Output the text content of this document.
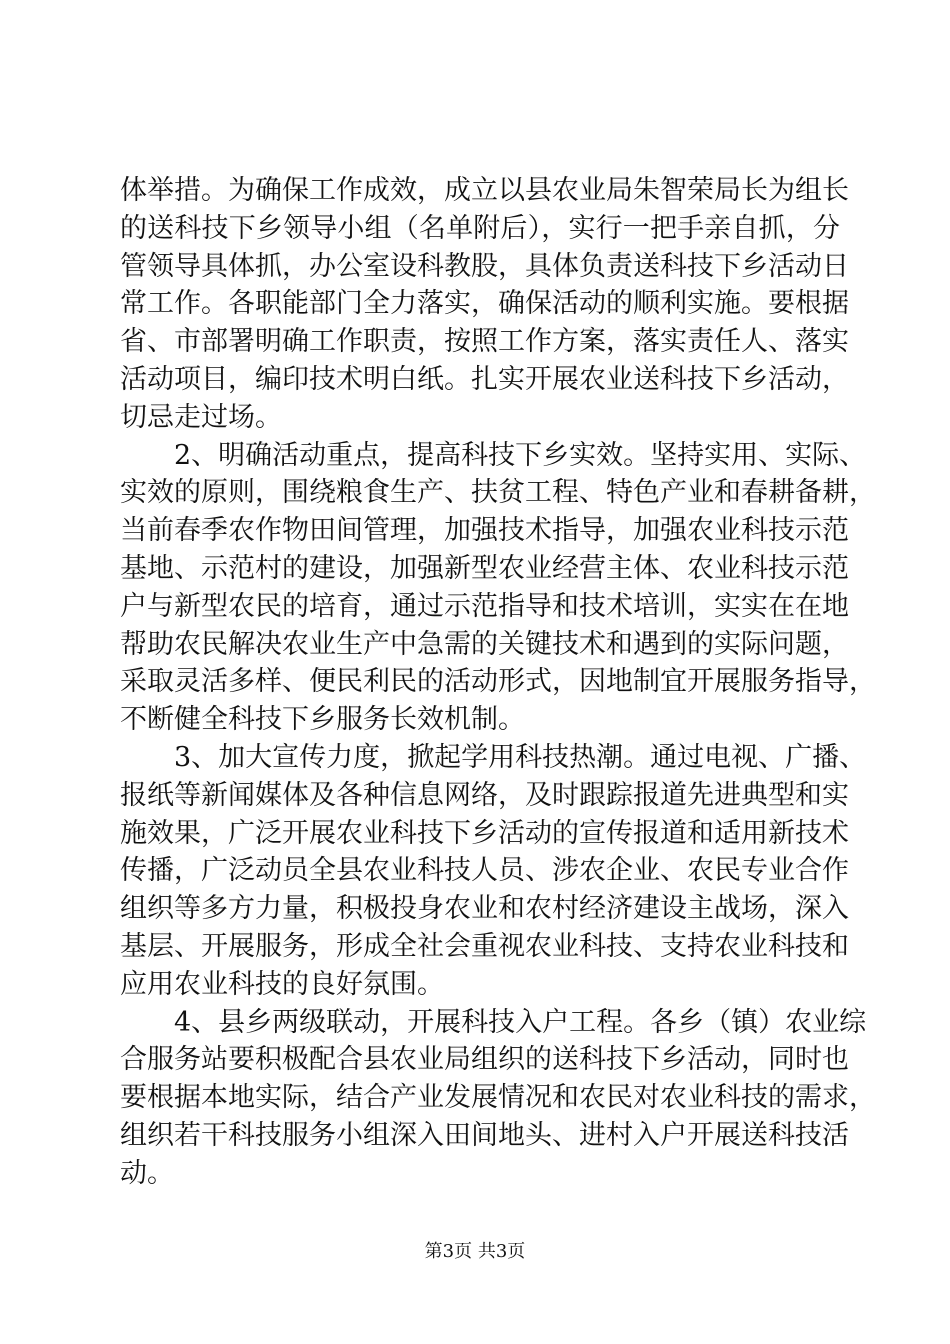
体举措。为确保工作成效，成立以县农业局朱智荣局长为组长
的送科技下乡领导小组（名单附后），实行一把手亲自抓，分
管领导具体抓，办公室设科教股，具体负责送科技下乡活动日
常工作。各职能部门全力落实，确保活动的顺利实施。要根据
省、市部署明确工作职责，按照工作方案，落实责任人、落实
活动项目，编印技术明白纸。扎实开展农业送科技下乡活动，
切忌走过场。
2、明确活动重点，提高科技下乡实效。坚持实用、实际、
实效的原则，围绕粮食生产、扶贫工程、特色产业和春耕备耕，
当前春季农作物田间管理，加强技术指导，加强农业科技示范
基地、示范村的建设，加强新型农业经营主体、农业科技示范
户与新型农民的培育，通过示范指导和技术培训，实实在在地
帮助农民解决农业生产中急需的关键技术和遇到的实际问题，
采取灵活多样、便民利民的活动形式，因地制宜开展服务指导，
不断健全科技下乡服务长效机制。
3、加大宣传力度，掀起学用科技热潮。通过电视、广播、
报纸等新闻媒体及各种信息网络，及时跟踪报道先进典型和实
施效果，广泛开展农业科技下乡活动的宣传报道和适用新技术
传播，广泛动员全县农业科技人员、涉农企业、农民专业合作
组织等多方力量，积极投身农业和农村经济建设主战场，深入
基层、开展服务，形成全社会重视农业科技、支持农业科技和
应用农业科技的良好氛围。
4、县乡两级联动，开展科技入户工程。各乡（镇）农业综
合服务站要积极配合县农业局组织的送科技下乡活动，同时也
要根据本地实际，结合产业发展情况和农民对农业科技的需求，
组织若干科技服务小组深入田间地头、进村入户开展送科技活
动。
第3页 共3页
